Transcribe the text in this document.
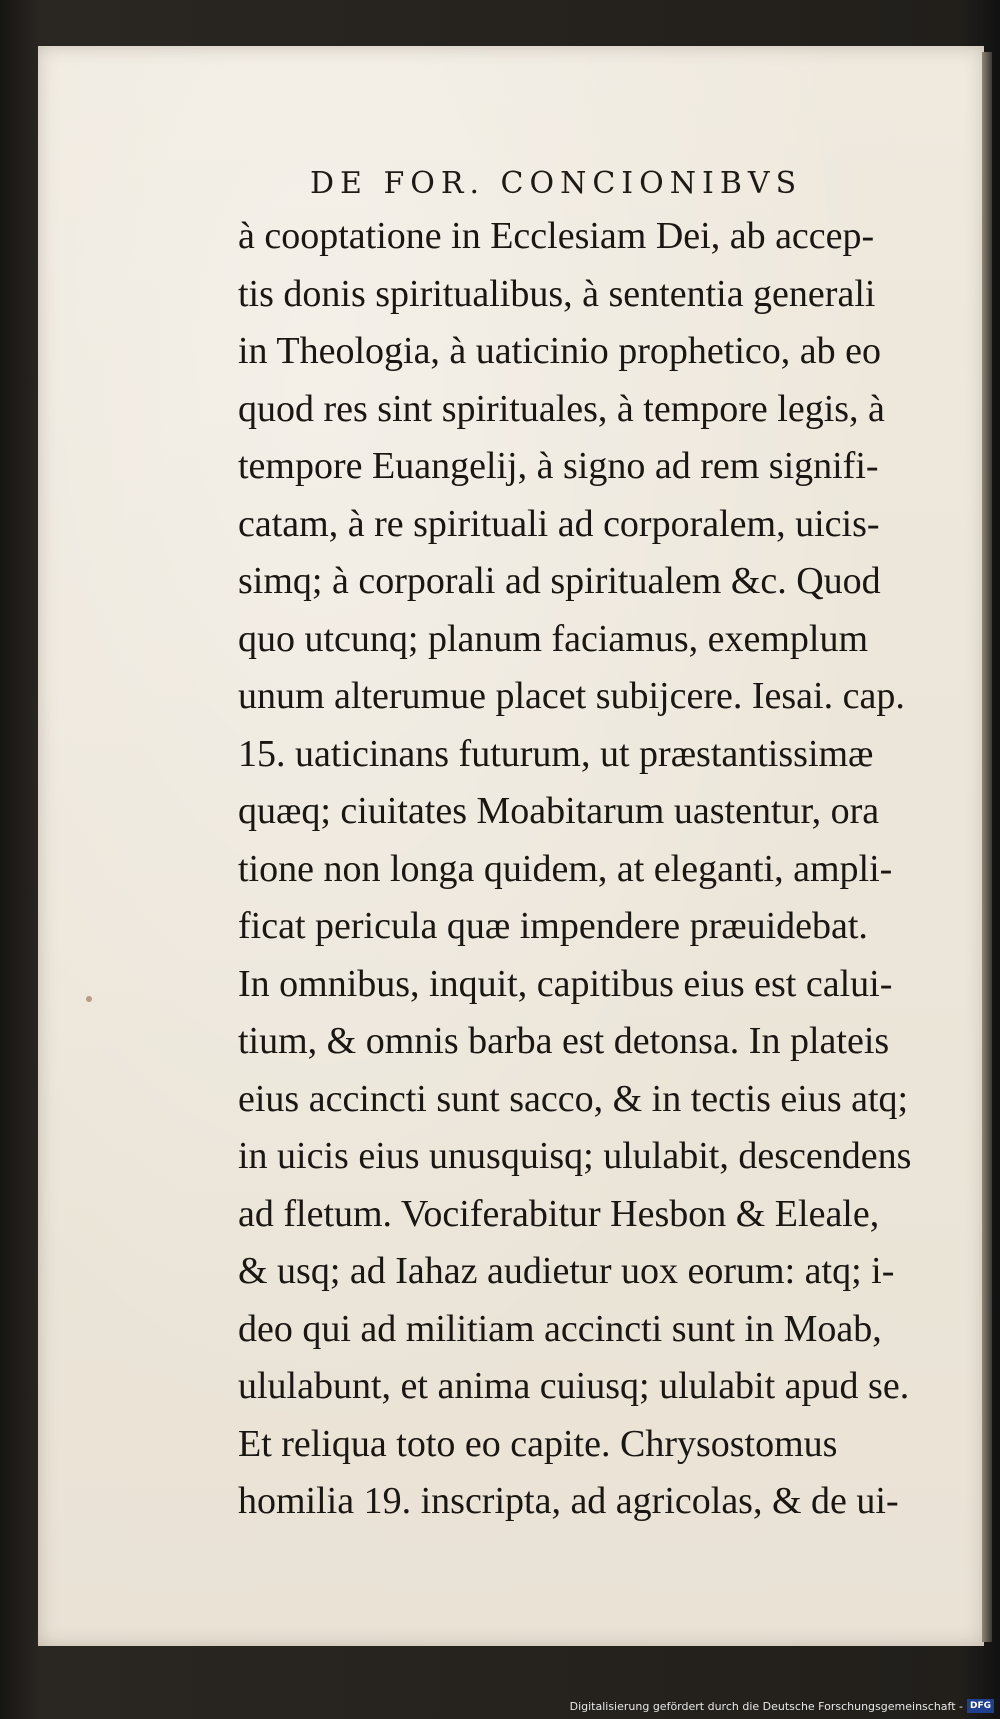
DE FOR. CONCIONIBVS
à cooptatione in Ecclesiam Dei, ab accep-
tis donis spiritualibus, à sententia generali
in Theologia, à uaticinio prophetico, ab eo
quod res sint spirituales, à tempore legis, à
tempore Euangelij, à signo ad rem signifi-
catam, à re spirituali ad corporalem, uicis-
simq; à corporali ad spiritualem &c. Quod
quo utcunq; planum faciamus, exemplum
unum alterumue placet subijcere. Iesai. cap.
15. uaticinans futurum, ut præstantissimæ
quæq; ciuitates Moabitarum uastentur, ora
tione non longa quidem, at eleganti, ampli-
ficat pericula quæ impendere præuidebat.
In omnibus, inquit, capitibus eius est calui-
tium, & omnis barba est detonsa. In plateis
eius accincti sunt sacco, & in tectis eius atq;
in uicis eius unusquisq; ululabit, descendens
ad fletum. Vociferabitur Hesbon & Eleale,
& usq; ad Iahaz audietur uox eorum: atq; i-
deo qui ad militiam accincti sunt in Moab,
ululabunt, et anima cuiusq; ululabit apud se.
Et reliqua toto eo capite. Chrysostomus
homilia 19. inscripta, ad agricolas, & de ui-
Digitalisierung gefördert durch die Deutsche Forschungsgemeinschaft - DFG
